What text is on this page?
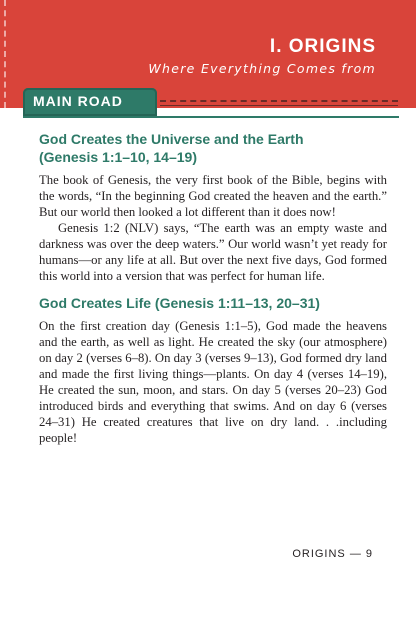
I. ORIGINS
Where Everything Comes from
MAIN ROAD
God Creates the Universe and the Earth
(Genesis 1:1–10, 14–19)

The book of Genesis, the very first book of the Bible, begins with the words, “In the beginning God created the heaven and the earth.” But our world then looked a lot different than it does now!

Genesis 1:2 (NLV) says, “The earth was an empty waste and darkness was over the deep waters.” Our world wasn’t yet ready for humans—or any life at all. But over the next five days, God formed this world into a version that was perfect for human life.

God Creates Life (Genesis 1:11–13, 20–31)

On the first creation day (Genesis 1:1–5), God made the heavens and the earth, as well as light. He created the sky (our atmosphere) on day 2 (verses 6–8). On day 3 (verses 9–13), God formed dry land and made the first living things—plants. On day 4 (verses 14–19), He created the sun, moon, and stars. On day 5 (verses 20–23) God introduced birds and everything that swims. And on day 6 (verses 24–31) He created creatures that live on dry land. . .including people!

ORIGINS — 9
